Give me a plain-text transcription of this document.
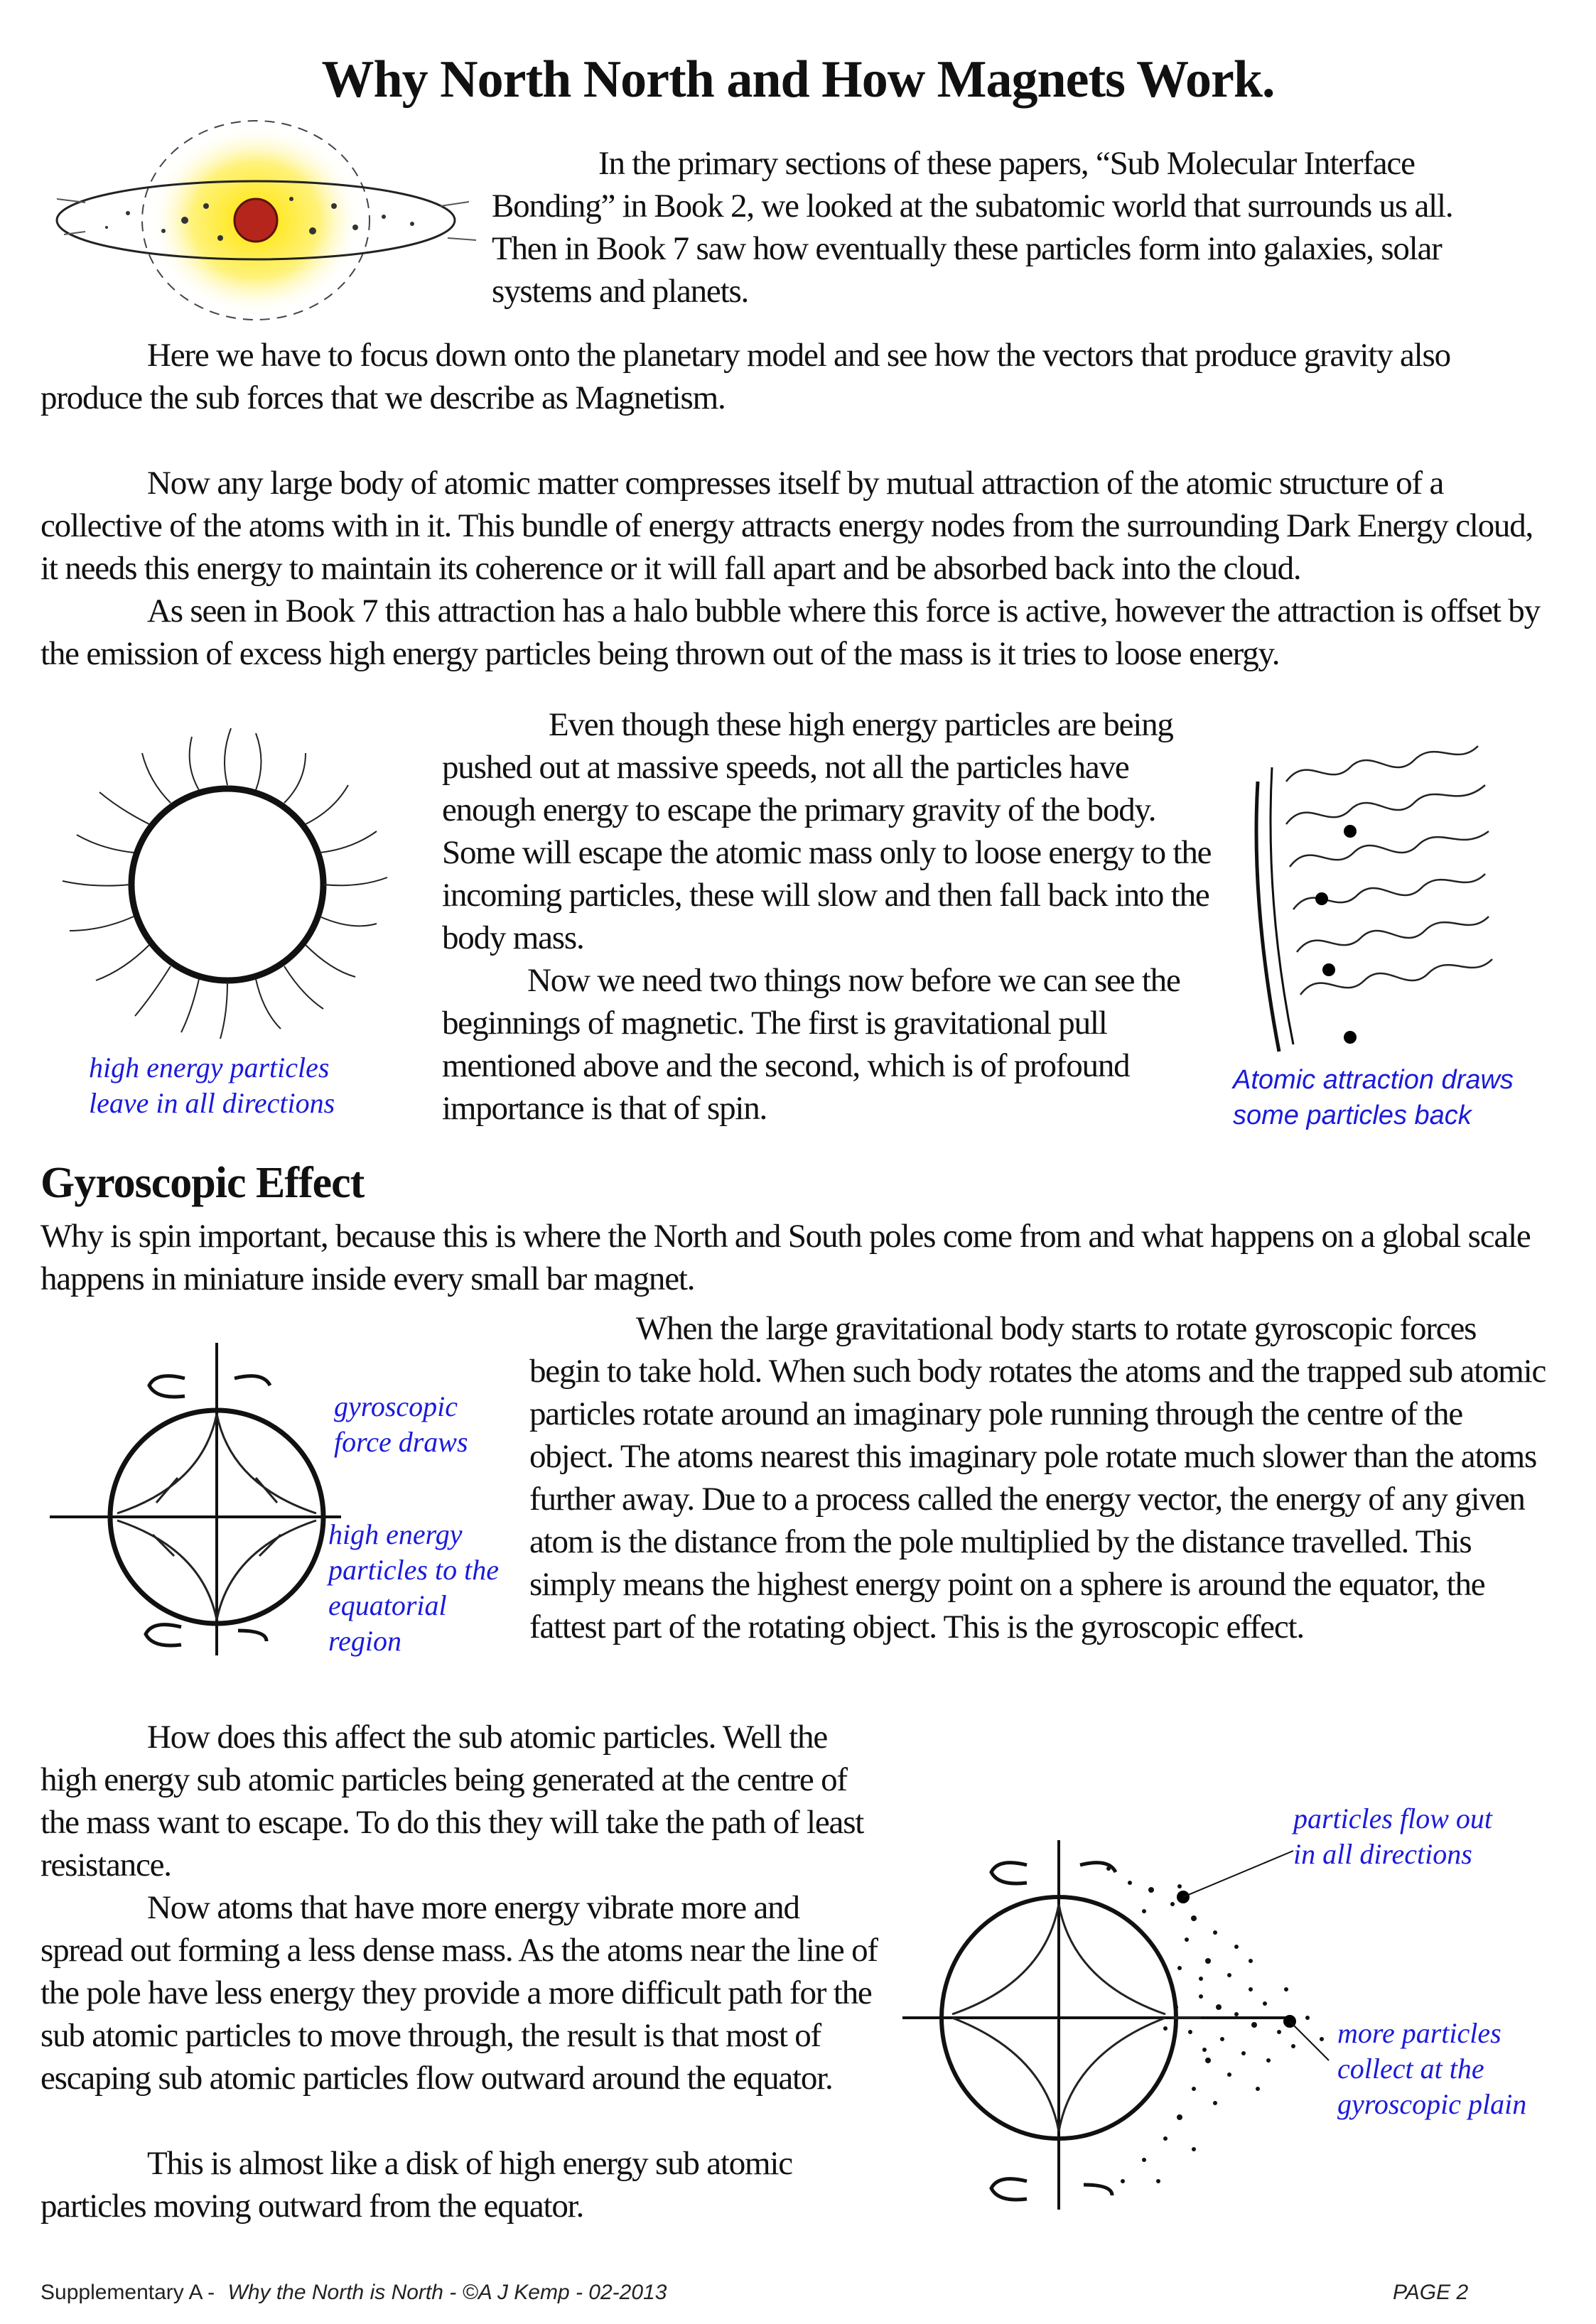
Why North North and How Magnets Work.

In the primary sections of these papers, “Sub Molecular Interface Bonding” in Book 2, we looked at the subatomic world that surrounds us all. Then in Book 7 saw how eventually these particles form into galaxies, solar systems and planets.

Here we have to focus down onto the planetary model and see how the vectors that produce gravity also produce the sub forces that we describe as Magnetism.

Now any large body of atomic matter compresses itself by mutual attraction of the atomic structure of a collective of the atoms with in it. This bundle of energy attracts energy nodes from the surrounding Dark Energy cloud, it needs this energy to maintain its coherence or it will fall apart and be absorbed back into the cloud.

As seen in Book 7 this attraction has a halo bubble where this force is active, however the attraction is offset by the emission of excess high energy particles being thrown out of the mass is it tries to loose energy.

high energy particles
leave in all directions

Even though these high energy particles are being pushed out at massive speeds, not all the particles have enough energy to escape the primary gravity of the body. Some will escape the atomic mass only to loose energy to the incoming particles, these will slow and then fall back into the body mass.

Now we need two things now before we can see the beginnings of magnetic. The first is gravitational pull mentioned above and the second, which is of profound importance is that of spin.

Atomic attraction draws
some particles back
Gyroscopic Effect

Why is spin important, because this is where the North and South poles come from and what happens on a global scale happens in miniature inside every small bar magnet.

gyroscopic
force draws
high energy
particles to the
equatorial
region

When the large gravitational body starts to rotate gyroscopic forces begin to take hold. When such body rotates the atoms and the trapped sub atomic particles rotate around an imaginary pole running through the centre of the object. The atoms nearest this imaginary pole rotate much slower than the atoms further away. Due to a process called the energy vector, the energy of any given atom is the distance from the pole multiplied by the distance travelled. This simply means the highest energy point on a sphere is around the equator, the fattest part of the rotating object. This is the gyroscopic effect.

How does this affect the sub atomic particles. Well the high energy sub atomic particles being generated at the centre of the mass want to escape. To do this they will take the path of least resistance.

Now atoms that have more energy vibrate more and spread out forming a less dense mass. As the atoms near the line of the pole have less energy they provide a more difficult path for the sub atomic particles to move through, the result is that most of escaping sub atomic particles flow outward around the equator.

This is almost like a disk of high energy sub atomic particles moving outward from the equator.

particles flow out
in all directions
more particles
collect at the
gyroscopic plain
Supplementary A - Why the North is North - ©A J Kemp - 02-2013	PAGE 2
